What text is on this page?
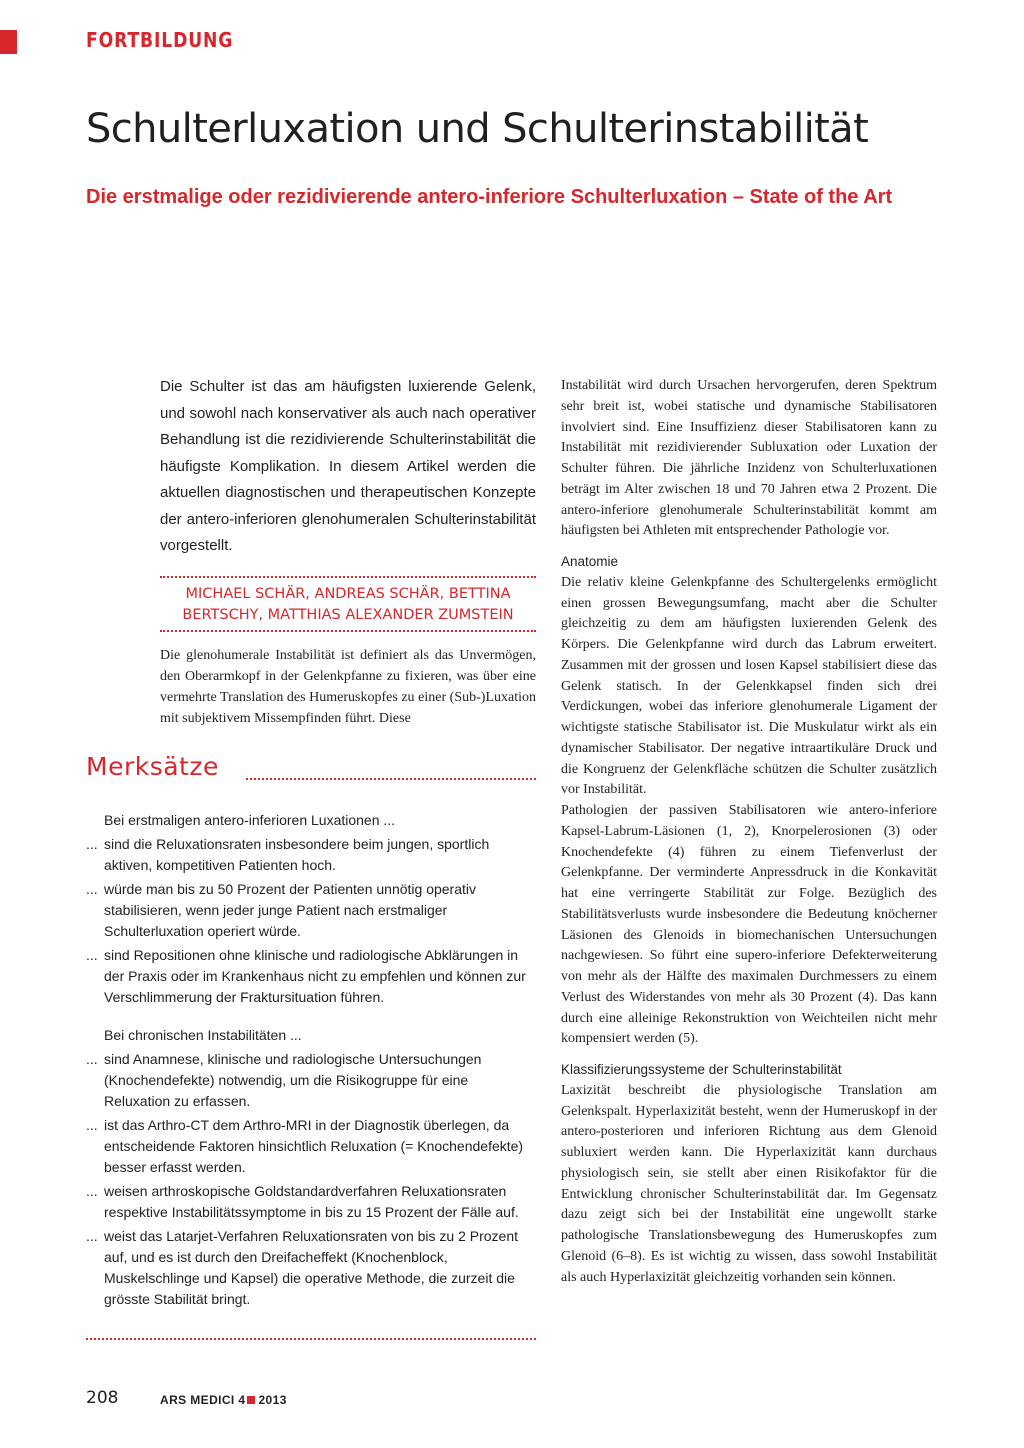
FORTBILDUNG
Schulterluxation und Schulterinstabilität
Die erstmalige oder rezidivierende antero-inferiore Schulterluxation – State of the Art
Die Schulter ist das am häufigsten luxierende Gelenk, und sowohl nach konservativer als auch nach operativer Behandlung ist die rezidivierende Schulterinstabilität die häufigste Komplikation. In diesem Artikel werden die aktuellen diagnostischen und therapeutischen Konzepte der antero-inferioren glenohumeralen Schulterinstabilität vorgestellt.
MICHAEL SCHÄR, ANDREAS SCHÄR, BETTINA BERTSCHY, MATTHIAS ALEXANDER ZUMSTEIN
Die glenohumerale Instabilität ist definiert als das Unvermögen, den Oberarmkopf in der Gelenkpfanne zu fixieren, was über eine vermehrte Translation des Humeruskopfes zu einer (Sub-)Luxation mit subjektivem Missempfinden führt. Diese
Merksätze
Bei erstmaligen antero-inferioren Luxationen ...
... sind die Reluxationsraten insbesondere beim jungen, sportlich aktiven, kompetitiven Patienten hoch.
... würde man bis zu 50 Prozent der Patienten unnötig operativ stabilisieren, wenn jeder junge Patient nach erstmaliger Schulterluxation operiert würde.
... sind Repositionen ohne klinische und radiologische Abklärungen in der Praxis oder im Krankenhaus nicht zu empfehlen und können zur Verschlimmerung der Fraktursituation führen.
Bei chronischen Instabilitäten ...
... sind Anamnese, klinische und radiologische Untersuchungen (Knochendefekte) notwendig, um die Risikogruppe für eine Reluxation zu erfassen.
... ist das Arthro-CT dem Arthro-MRI in der Diagnostik überlegen, da entscheidende Faktoren hinsichtlich Reluxation (= Knochendefekte) besser erfasst werden.
... weisen arthroskopische Goldstandardverfahren Reluxationsraten respektive Instabilitätssymptome in bis zu 15 Prozent der Fälle auf.
... weist das Latarjet-Verfahren Reluxationsraten von bis zu 2 Prozent auf, und es ist durch den Dreifacheffekt (Knochenblock, Muskelschlinge und Kapsel) die operative Methode, die zurzeit die grösste Stabilität bringt.

Instabilität wird durch Ursachen hervorgerufen, deren Spektrum sehr breit ist, wobei statische und dynamische Stabilisatoren involviert sind. Eine Insuffizienz dieser Stabilisatoren kann zu Instabilität mit rezidivierender Subluxation oder Luxation der Schulter führen. Die jährliche Inzidenz von Schulterluxationen beträgt im Alter zwischen 18 und 70 Jahren etwa 2 Prozent. Die antero-inferiore glenohumerale Schulterinstabilität kommt am häufigsten bei Athleten mit entsprechender Pathologie vor.

Anatomie

Die relativ kleine Gelenkpfanne des Schultergelenks ermöglicht einen grossen Bewegungsumfang, macht aber die Schulter gleichzeitig zu dem am häufigsten luxierenden Gelenk des Körpers. Die Gelenkpfanne wird durch das Labrum erweitert. Zusammen mit der grossen und losen Kapsel stabilisiert diese das Gelenk statisch. In der Gelenkkapsel finden sich drei Verdickungen, wobei das inferiore glenohumerale Ligament der wichtigste statische Stabilisator ist. Die Muskulatur wirkt als ein dynamischer Stabilisator. Der negative intraartikuläre Druck und die Kongruenz der Gelenkfläche schützen die Schulter zusätzlich vor Instabilität.

Pathologien der passiven Stabilisatoren wie antero-inferiore Kapsel-Labrum-Läsionen (1, 2), Knorpelerosionen (3) oder Knochendefekte (4) führen zu einem Tiefenverlust der Gelenkpfanne. Der verminderte Anpressdruck in die Konkavität hat eine verringerte Stabilität zur Folge. Bezüglich des Stabilitätsverlusts wurde insbesondere die Bedeutung knöcherner Läsionen des Glenoids in biomechanischen Untersuchungen nachgewiesen. So führt eine supero-inferiore Defekterweiterung von mehr als der Hälfte des maximalen Durchmessers zu einem Verlust des Widerstandes von mehr als 30 Prozent (4). Das kann durch eine alleinige Rekonstruktion von Weichteilen nicht mehr kompensiert werden (5).

Klassifizierungssysteme der Schulterinstabilität

Laxizität beschreibt die physiologische Translation am Gelenkspalt. Hyperlaxizität besteht, wenn der Humeruskopf in der antero-posterioren und inferioren Richtung aus dem Glenoid subluxiert werden kann. Die Hyperlaxizität kann durchaus physiologisch sein, sie stellt aber einen Risikofaktor für die Entwicklung chronischer Schulterinstabilität dar. Im Gegensatz dazu zeigt sich bei der Instabilität eine ungewollt starke pathologische Translationsbewegung des Humeruskopfes zum Glenoid (6–8). Es ist wichtig zu wissen, dass sowohl Instabilität als auch Hyperlaxizität gleichzeitig vorhanden sein können.

208	ARS MEDICI 4 2013
